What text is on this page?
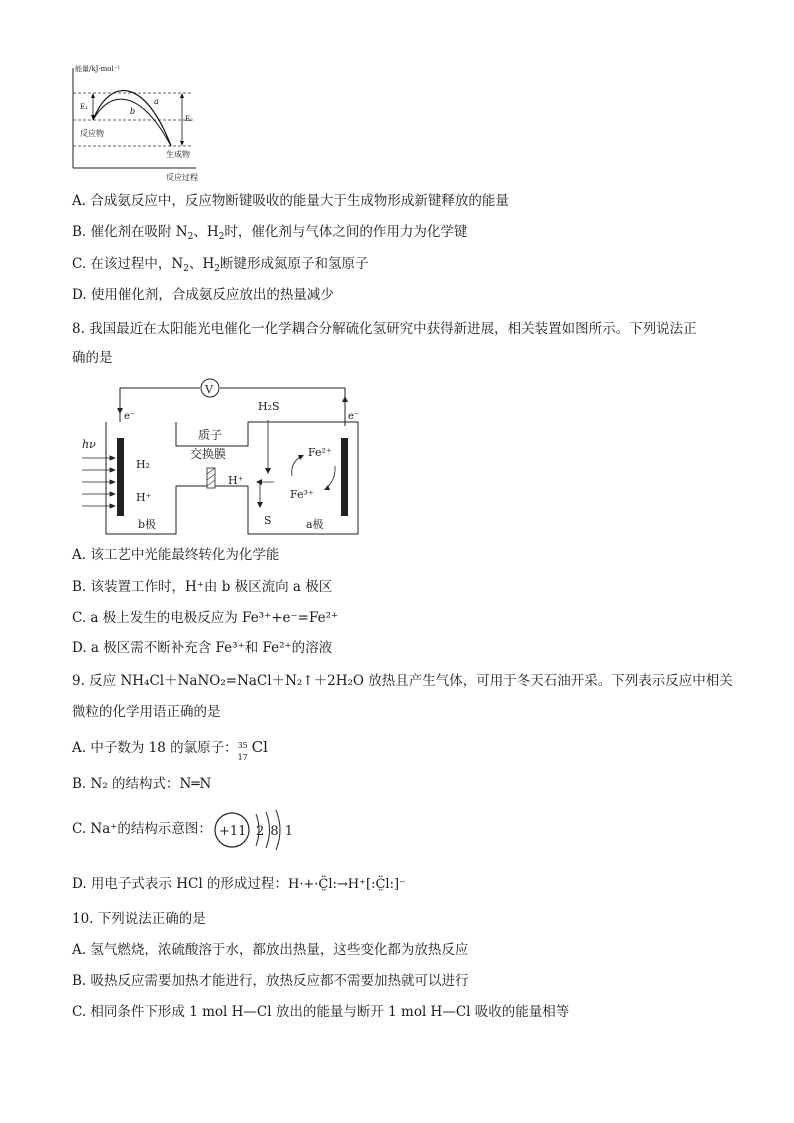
能量/kJ·mol⁻¹
E₁
E₂
a
b
反应物
生成物
反应过程
A. 合成氨反应中，反应物断键吸收的能量大于生成物形成新键释放的能量
B. 催化剂在吸附 $N_2$、$H_2$时，催化剂与气体之间的作用力为化学键
C. 在该过程中，$N_2$、$H_2$断键形成氮原子和氢原子
D. 使用催化剂，合成氨反应放出的热量减少
8. 我国最近在太阳能光电催化一化学耦合分解硫化氢研究中获得新进展，相关装置如图所示。下列说法正
确的是
V
e⁻	e⁻
hν
H₂
H⁺
质子
交换膜
H₂S
H⁺
S
Fe²⁺
Fe³⁺
b极	a极
A. 该工艺中光能最终转化为化学能
B. 该装置工作时，H⁺由 b 极区流向 a 极区
C. a 极上发生的电极反应为 Fe³⁺+e⁻=Fe²⁺
D. a 极区需不断补充含 Fe³⁺和 Fe²⁺的溶液
9. 反应 NH₄Cl＋NaNO₂=NaCl＋N₂↑＋2H₂O 放热且产生气体，可用于冬天石油开采。下列表示反应中相关
微粒的化学用语正确的是
A. 中子数为 18 的氯原子： 35
17
Cl
B. N₂ 的结构式：N═N
C. Na⁺的结构示意图： +11 2 8 1
D. 用电子式表示 HCl 的形成过程：H·+·C̤̈l:→H⁺[:C̤̈l:]⁻
10. 下列说法正确的是
A. 氢气燃烧，浓硫酸溶于水，都放出热量，这些变化都为放热反应
B. 吸热反应需要加热才能进行，放热反应都不需要加热就可以进行
C. 相同条件下形成 1 mol H—Cl 放出的能量与断开 1 mol H—Cl 吸收的能量相等
